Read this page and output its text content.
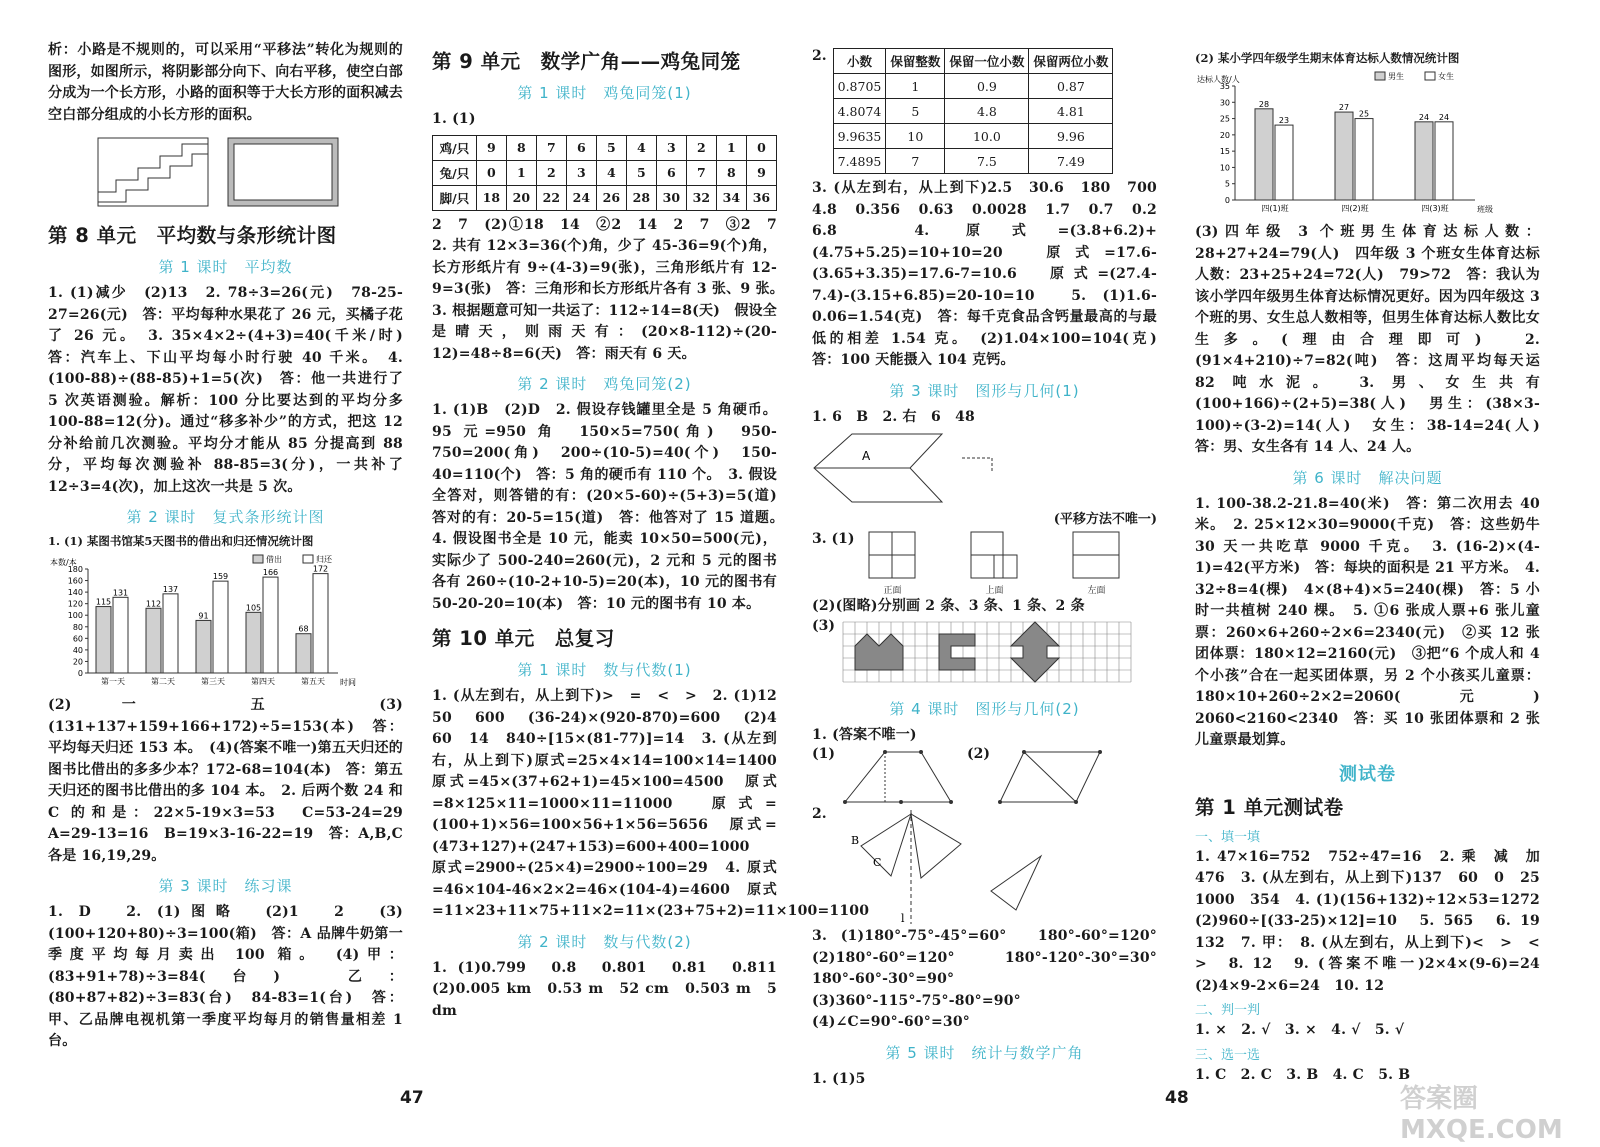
析：小路是不规则的，可以采用“平移法”转化为规则的图形，如图所示，将阴影部分向下、向右平移，使空白部分成为一个长方形，小路的面积等于大长方形的面积减去空白部分组成的小长方形的面积。

第 8 单元　平均数与条形统计图
第 1 课时　平均数

1. (1)减少　(2)13　2. 78÷3=26(元)　78-25-27=26(元)　答：平均每种水果花了 26 元，买橘子花了 26 元。　3. 35×4×2÷(4+3)=40(千米/时)　答：汽车上、下山平均每小时行驶 40 千米。　4. (100-88)÷(88-85)+1=5(次)　答：他一共进行了 5 次英语测验。解析：100 分比要达到的平均分多 100-88=12(分)。通过“移多补少”的方式，把这 12 分补给前几次测验。平均分才能从 85 分提高到 88 分，平均每次测验补 88-85=3(分)，一共补了 12÷3=4(次)，加上这次一共是 5 次。

第 2 课时　复式条形统计图
1. (1) 某图书馆某5天图书的借出和归还情况统计图
0
20
40
60
80
100
120
140
160
180
本数/本
时间
115
131
第一天
112
137
第二天
91
159
第三天
105
166
第四天
68
172
第五天
借出	归还

(2)一　五　(3)(131+137+159+166+172)÷5=153(本)　答：平均每天归还 153 本。　(4)(答案不唯一)第五天归还的图书比借出的多多少本？172-68=104(本)　答：第五天归还的图书比借出的多 104 本。　2. 后两个数 24 和 C 的和是：22×5-19×3=53　C=53-24=29　A=29-13=16　B=19×3-16-22=19　答：A,B,C 各是 16,19,29。

第 3 课时　练习课

1. D　2. (1)图略　(2)1　2　(3)(100+120+80)÷3=100(箱)　答：A 品牌牛奶第一季度平均每月卖出 100 箱。　(4)甲：(83+91+78)÷3=84(台)　乙：(80+87+82)÷3=83(台)　84-83=1(台)　答：甲、乙品牌电视机第一季度平均每月的销售量相差 1 台。

第 9 单元　数学广角——鸡兔同笼
第 1 课时　鸡兔同笼(1)

1. (1)

鸡/只	9	8	7	6	5	4	3	2	1	0
兔/只	0	1	2	3	4	5	6	7	8	9
脚/只	18	20	22	24	26	28	30	32	34	36

2　7　(2)①18　14　②2　14　2　7　③2　7　2. 共有 12×3=36(个)角，少了 45-36=9(个)角，长方形纸片有 9÷(4-3)=9(张)，三角形纸片有 12-9=3(张)　答：三角形和长方形纸片各有 3 张、9 张。　3. 根据题意可知一共运了：112÷14=8(天)　假设全是晴天，则雨天有：(20×8-112)÷(20-12)=48÷8=6(天)　答：雨天有 6 天。

第 2 课时　鸡兔同笼(2)

1. (1)B　(2)D　2. 假设存钱罐里全是 5 角硬币。95 元=950 角　150×5=750(角)　950-750=200(角)　200÷(10-5)=40(个)　150-40=110(个)　答：5 角的硬币有 110 个。　3. 假设全答对，则答错的有：(20×5-60)÷(5+3)=5(道)　答对的有：20-5=15(道)　答：他答对了 15 道题。　4. 假设图书全是 10 元，能卖 10×50=500(元)，实际少了 500-240=260(元)，2 元和 5 元的图书各有 260÷(10-2+10-5)=20(本)，10 元的图书有 50-20-20=10(本)　答：10 元的图书有 10 本。

第 10 单元　总复习
第 1 课时　数与代数(1)

1. (从左到右，从上到下)>　=　<　>　2. (1)12　50　600　(36-24)×(920-870)=600　(2)4　60　14　840÷[15×(81-77)]=14　3. (从左到右，从上到下)原式=25×4×14=100×14=1400　原式=45×(37+62+1)=45×100=4500　原式=8×125×11=1000×11=11000　原式=(100+1)×56=100×56+1×56=5656　原式=(473+127)+(247+153)=600+400=1000　原式=2900÷(25×4)=2900÷100=29　4. 原式=46×104-46×2×2=46×(104-4)=4600　原式=11×23+11×75+11×2=11×(23+75+2)=11×100=1100

第 2 课时　数与代数(2)

1. (1)0.799　0.8　0.801　0.81　0.811　(2)0.005 km　0.53 m　52 cm　0.503 m　5 dm

2. 小数	保留整数	保留一位小数	保留两位小数
0.8705	1	0.9	0.87
4.8074	5	4.8	4.81
9.9635	10	10.0	9.96
7.4895	7	7.5	7.49

3. (从左到右，从上到下)2.5　30.6　180　700　4.8　0.356　0.63　0.0028　1.7　0.7　0.2　6.8　4. 原式=(3.8+6.2)+(4.75+5.25)=10+10=20　原式=17.6-(3.65+3.35)=17.6-7=10.6　原式=(27.4-7.4)-(3.15+6.85)=20-10=10　5. (1)1.6-0.06=1.54(克)　答：每千克食品含钙量最高的与最低的相差 1.54 克。　(2)1.04×100=104(克)　答：100 天能摄入 104 克钙。

第 3 课时　图形与几何(1)

1. 6　B　2. 右　6　48

A
(平移方法不唯一)
3. (1)
正面	上面	左面

(2)(图略)分别画 2 条、3 条、1 条、2 条

(3)
第 4 课时　图形与几何(2)

1. (答案不唯一)

(1)	(2)
2.
B
C
l

3. (1)180°-75°-45°=60°　180°-60°=120°　(2)180°-60°=120°　180°-120°-30°=30°　180°-60°-30°=90°　(3)360°-115°-75°-80°=90°　(4)∠C=90°-60°=30°

第 5 课时　统计与数学广角

1. (1)5

(2) 某小学四年级学生期末体育达标人数情况统计图
0
5
10
15
20
25
30
35
达标人数/人
班级
28
23
四(1)班
27
25
四(2)班
24 24
四(3)班
男生	女生

(3)四年级 3 个班男生体育达标人数：28+27+24=79(人)　四年级 3 个班女生体育达标人数：23+25+24=72(人)　79>72　答：我认为该小学四年级男生体育达标情况更好。因为四年级这 3 个班的男、女生总人数相等，但男生体育达标人数比女生多。(理由合理即可)　2. (91×4+210)÷7=82(吨)　答：这周平均每天运 82 吨水泥。　3. 男、女生共有(100+166)÷(2+5)=38(人)　男生：(38×3-100)÷(3-2)=14(人)　女生：38-14=24(人)　答：男、女生各有 14 人、24 人。

第 6 课时　解决问题

1. 100-38.2-21.8=40(米)　答：第二次用去 40 米。　2. 25×12×30=9000(千克)　答：这些奶牛 30 天一共吃草 9000 千克。　3. (16-2)×(4-1)=42(平方米)　答：每块的面积是 21 平方米。　4. 32÷8=4(棵)　4×(8+4)×5=240(棵)　答：5 小时一共植树 240 棵。　5. ①6 张成人票+6 张儿童票：260×6+260÷2×6=2340(元)　②买 12 张团体票：180×12=2160(元)　③把“6 个成人和 4 个小孩”合在一起买团体票，另 2 个小孩买儿童票：180×10+260÷2×2=2060(元)　2060<2160<2340　答：买 10 张团体票和 2 张儿童票最划算。

测试卷
第 1 单元测试卷
一、填一填

1. 47×16=752　752÷47=16　2. 乘　减　加　476　3. (从左到右，从上到下)137　60　0　25　1000　354　4. (1)(156+132)÷12×53=1272　(2)960÷[(33-25)×12]=10　5. 565　6. 19　132　7. 甲：　8. (从左到右，从上到下)<　>　<　>　8. 12　9. (答案不唯一)2×4×(9-6)=24　(2)4×9-2×6=24　10. 12

二、判一判

1. ×　2. √　3. ×　4. √　5. √

三、选一选

1. C　2. C　3. B　4. C　5. B

47	48	答案圈 MXQE.COM
